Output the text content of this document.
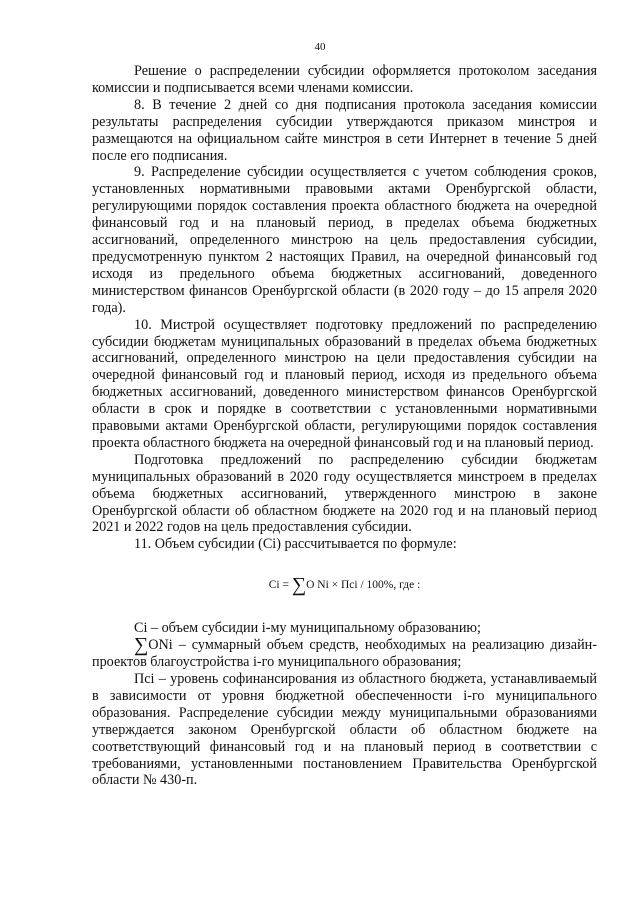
40

Решение о распределении субсидии оформляется протоколом заседания комиссии и подписывается всеми членами комиссии.

8. В течение 2 дней со дня подписания протокола заседания комиссии результаты распределения субсидии утверждаются приказом минстроя и размещаются на официальном сайте минстроя в сети Интернет в течение 5 дней после его подписания.

9. Распределение субсидии осуществляется с учетом соблюдения сроков, установленных нормативными правовыми актами Оренбургской области, регулирующими порядок составления проекта областного бюджета на очередной финансовый год и на плановый период, в пределах объема бюджетных ассигнований, определенного минстрою на цель предоставления субсидии, предусмотренную пунктом 2 настоящих Правил, на очередной финансовый год исходя из предельного объема бюджетных ассигнований, доведенного министерством финансов Оренбургской области (в 2020 году – до 15 апреля 2020 года).

10. Мистрой осуществляет подготовку предложений по распределению субсидии бюджетам муниципальных образований в пределах объема бюджетных ассигнований, определенного минстрою на цели предоставления субсидии на очередной финансовый год и плановый период, исходя из предельного объема бюджетных ассигнований, доведенного министерством финансов Оренбургской области в срок и порядке в соответствии с установленными нормативными правовыми актами Оренбургской области, регулирующими порядок составления проекта областного бюджета на очередной финансовый год и на плановый период.

Подготовка предложений по распределению субсидии бюджетам муниципальных образований в 2020 году осуществляется минстроем в пределах объема бюджетных ассигнований, утвержденного минстрою в законе Оренбургской области об областном бюджете на 2020 год и на плановый период 2021 и 2022 годов на цель предоставления субсидии.

11. Объем субсидии (Ci) рассчитывается по формуле:

Ci = ∑O Ni × Пci / 100%, где :

Ci – объем субсидии i-му муниципальному образованию;

∑ONi – суммарный объем средств, необходимых на реализацию дизайн-проектов благоустройства i-го муниципального образования;

Пci – уровень софинансирования из областного бюджета, устанавливаемый в зависимости от уровня бюджетной обеспеченности i-го муниципального образования. Распределение субсидии между муниципальными образованиями утверждается законом Оренбургской области об областном бюджете на соответствующий финансовый год и на плановый период в соответствии с требованиями, установленными постановлением Правительства Оренбургской области № 430-п.
